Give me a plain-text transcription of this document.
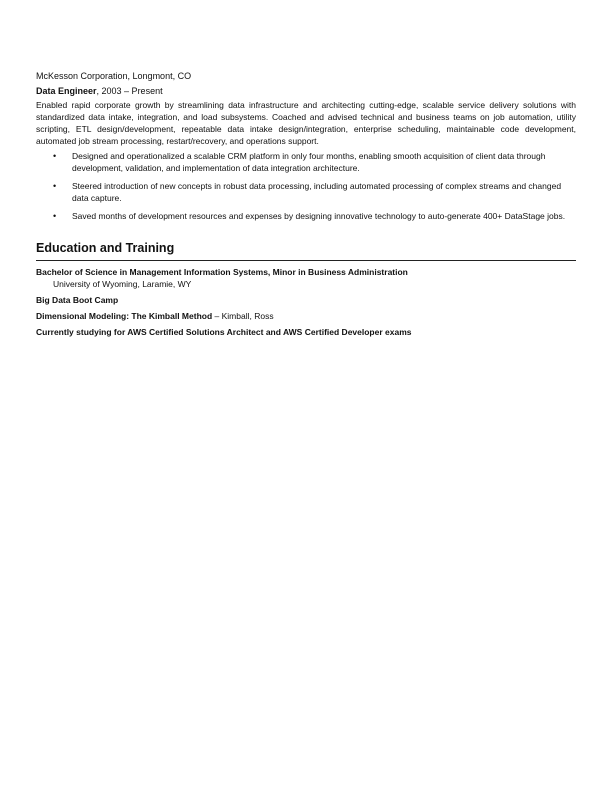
McKesson Corporation, Longmont, CO

Data Engineer, 2003 – Present

Enabled rapid corporate growth by streamlining data infrastructure and architecting cutting-edge, scalable service delivery solutions with standardized data intake, integration, and load subsystems. Coached and advised technical and business teams on job automation, utility scripting, ETL design/development, repeatable data intake design/integration, enterprise scheduling, maintainable code development, automated job stream processing, restart/recovery, and operations support.

• Designed and operationalized a scalable CRM platform in only four months, enabling smooth acquisition of client data through development, validation, and implementation of data integration architecture.
• Steered introduction of new concepts in robust data processing, including automated processing of complex streams and changed data capture.
• Saved months of development resources and expenses by designing innovative technology to auto-generate 400+ DataStage jobs.
Education and Training
Bachelor of Science in Management Information Systems, Minor in Business Administration
University of Wyoming, Laramie, WY
Big Data Boot Camp
Dimensional Modeling: The Kimball Method – Kimball, Ross
Currently studying for AWS Certified Solutions Architect and AWS Certified Developer exams
